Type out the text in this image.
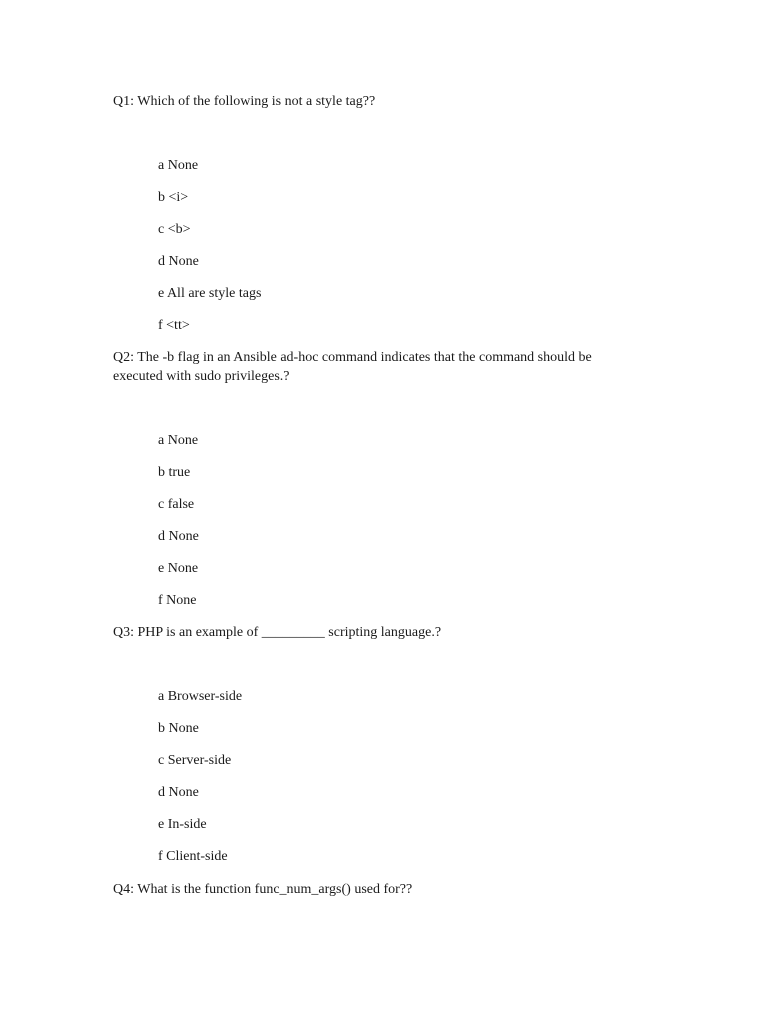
Q1: Which of the following is not a style tag??
a None
b <i>
c <b>
d None
e All are style tags
f <tt>
Q2: The -b flag in an Ansible ad-hoc command indicates that the command should be executed with sudo privileges.?
a None
b true
c false
d None
e None
f None
Q3: PHP is an example of _________ scripting language.?
a Browser-side
b None
c Server-side
d None
e In-side
f Client-side
Q4: What is the function func_num_args() used for??
